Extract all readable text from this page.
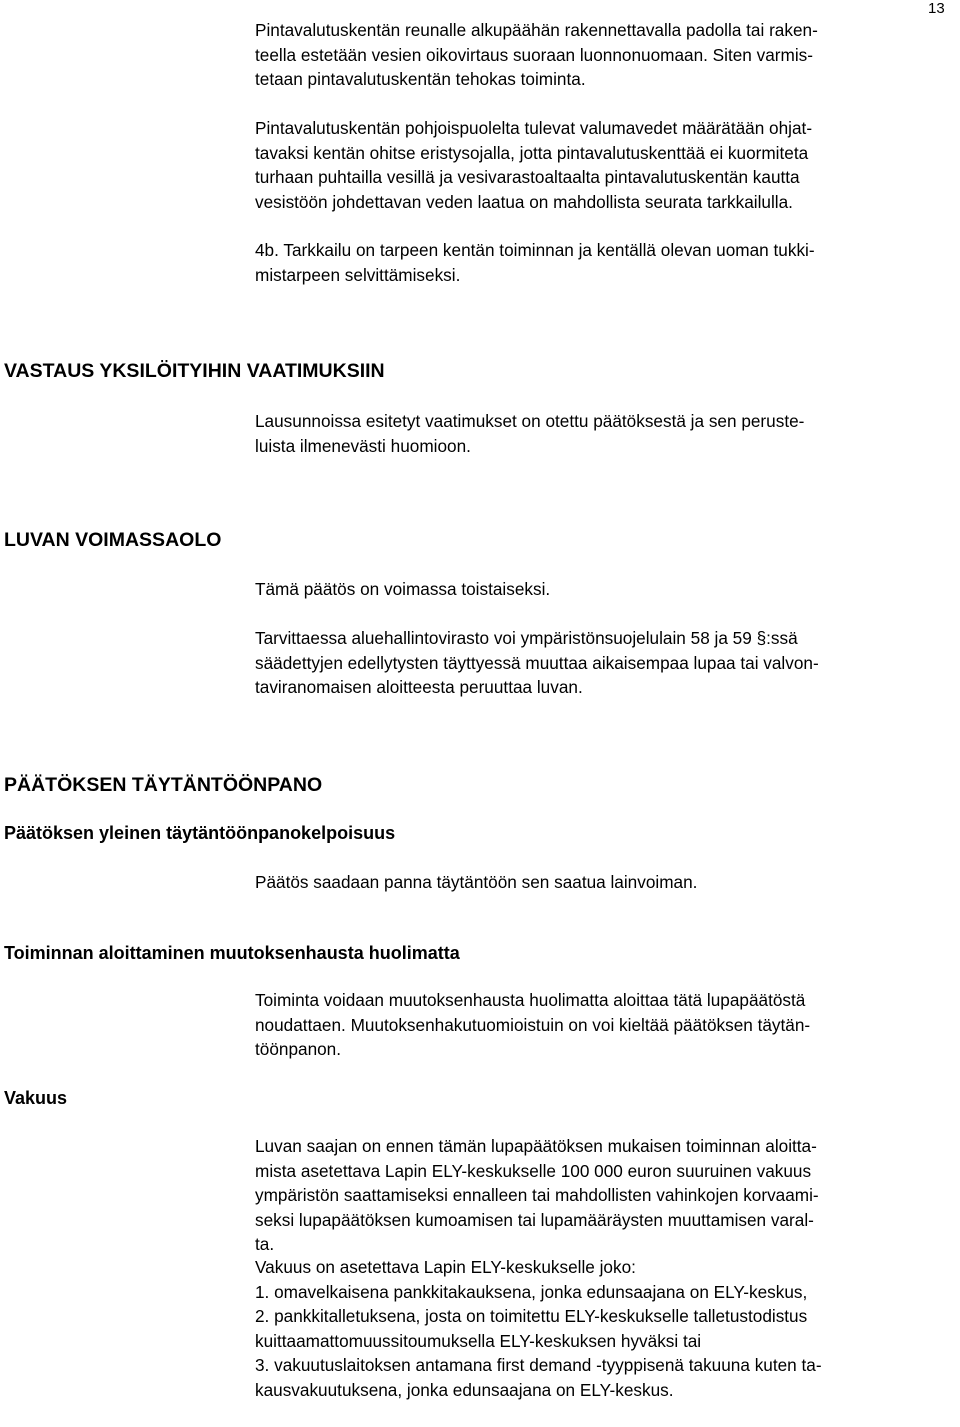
13
Pintavalutuskentän reunalle alkupäähän rakennettavalla padolla tai raken-
teella estetään vesien oikovirtaus suoraan luonnonuomaan. Siten varmis-
tetaan pintavalutuskentän tehokas toiminta.
Pintavalutuskentän pohjoispuolelta tulevat valumavedet määrätään ohjat-
tavaksi kentän ohitse eristysojalla, jotta pintavalutuskenttää ei kuormiteta
turhaan puhtailla vesillä ja vesivarastoaltaalta pintavalutuskentän kautta
vesistöön johdettavan veden laatua on mahdollista seurata tarkkailulla.
4b. Tarkkailu on tarpeen kentän toiminnan ja kentällä olevan uoman tukki-
mistarpeen selvittämiseksi.
VASTAUS YKSILÖITYIHIN VAATIMUKSIIN
Lausunnoissa esitetyt vaatimukset on otettu päätöksestä ja sen peruste-
luista ilmenevästi huomioon.
LUVAN VOIMASSAOLO
Tämä päätös on voimassa toistaiseksi.
Tarvittaessa aluehallintovirasto voi ympäristönsuojelulain 58 ja 59 §:ssä
säädettyjen edellytysten täyttyessä muuttaa aikaisempaa lupaa tai valvon-
taviranomaisen aloitteesta peruuttaa luvan.
PÄÄTÖKSEN TÄYTÄNTÖÖNPANO
Päätöksen yleinen täytäntöönpanokelpoisuus
Päätös saadaan panna täytäntöön sen saatua lainvoiman.
Toiminnan aloittaminen muutoksenhausta huolimatta
Toiminta voidaan muutoksenhausta huolimatta aloittaa tätä lupapäätöstä
noudattaen. Muutoksenhakutuomioistuin on voi kieltää päätöksen täytän-
töönpanon.
Vakuus
Luvan saajan on ennen tämän lupapäätöksen mukaisen toiminnan aloitta-
mista asetettava Lapin ELY-keskukselle 100 000 euron suuruinen vakuus
ympäristön saattamiseksi ennalleen tai mahdollisten vahinkojen korvaami-
seksi lupapäätöksen kumoamisen tai lupamääräysten muuttamisen varal-
ta.
Vakuus on asetettava Lapin ELY-keskukselle joko:
1. omavelkaisena pankkitakauksena, jonka edunsaajana on ELY-keskus,
2. pankkitalletuksena, josta on toimitettu ELY-keskukselle talletustodistus
kuittaamattomuussitoumuksella ELY-keskuksen hyväksi tai
3. vakuutuslaitoksen antamana first demand -tyyppisenä takuuna kuten ta-
kausvakuutuksena, jonka edunsaajana on ELY-keskus.
